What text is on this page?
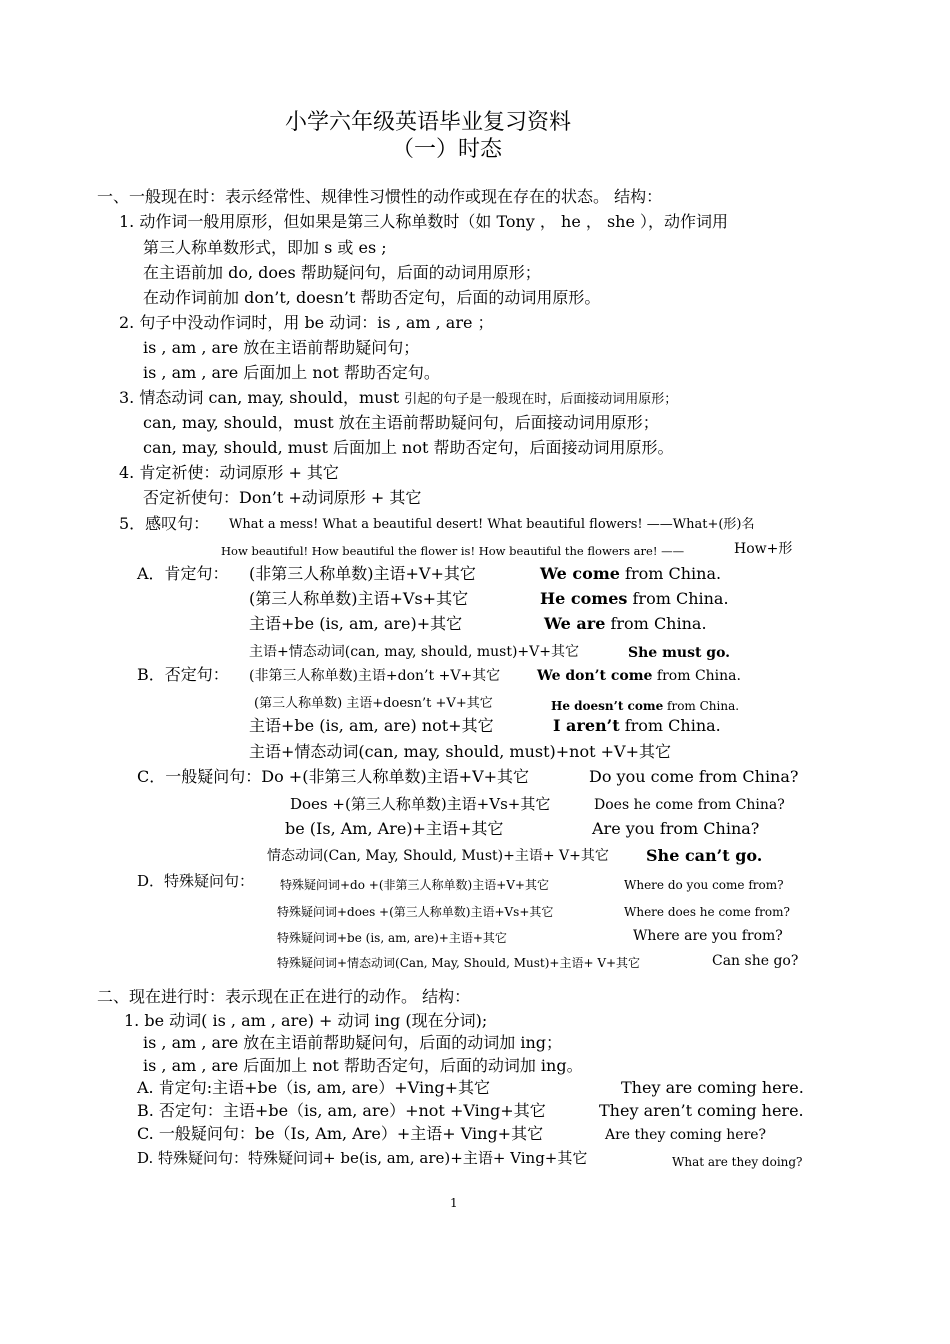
小学六年级英语毕业复习资料
（一）时态
一、一般现在时：表示经常性、规律性习惯性的动作或现在存在的状态。 结构：
1. 动作词一般用原形，但如果是第三人称单数时（如 Tony ， he ， she ），动作词用
第三人称单数形式，即加 s 或 es ;
在主语前加 do, does 帮助疑问句，后面的动词用原形；
在动作词前加 don’t, doesn’t 帮助否定句，后面的动词用原形。
2. 句子中没动作词时，用 be 动词：is , am , are ；
is , am , are 放在主语前帮助疑问句；
is , am , are 后面加上 not 帮助否定句。
3. 情态动词 can, may, should，must 引起的句子是一般现在时，后面接动词用原形；
can, may, should，must 放在主语前帮助疑问句，后面接动词用原形；
can, may, should, must 后面加上 not 帮助否定句，后面接动词用原形。
4. 肯定祈使：动词原形 + 其它
否定祈使句：Don’t +动词原形 + 其它
5．感叹句： What a mess! What a beautiful desert! What beautiful flowers! ——What+(形)名
How beautiful! How beautiful the flower is! How beautiful the flowers are! ——	How+形
A．肯定句： (非第三人称单数)主语+V+其它	We come from China.
(第三人称单数)主语+Vs+其它	He comes from China.
主语+be (is, am, are)+其它	We are from China.
主语+情态动词(can, may, should, must)+V+其它	She must go.
B．否定句： (非第三人称单数)主语+don’t +V+其它	We don’t come from China.
(第三人称单数) 主语+doesn’t +V+其它	He doesn’t come from China.
主语+be (is, am, are) not+其它	I aren’t from China.
主语+情态动词(can, may, should, must)+not +V+其它
C．一般疑问句：Do +(非第三人称单数)主语+V+其它	Do you come from China?
Does +(第三人称单数)主语+Vs+其它	Does he come from China?
be (Is, Am, Are)+主语+其它	Are you from China?
情态动词(Can, May, Should, Must)+主语+ V+其它 She can’t go.
D．特殊疑问句： 特殊疑问词+do +(非第三人称单数)主语+V+其它	Where do you come from?
特殊疑问词+does +(第三人称单数)主语+Vs+其它	Where does he come from?
特殊疑问词+be (is, am, are)+主语+其它	Where are you from?
特殊疑问词+情态动词(Can, May, Should, Must)+主语+ V+其它	Can she go?
二、现在进行时：表示现在正在进行的动作。 结构：
1. be 动词( is , am , are) + 动词 ing (现在分词);
is , am , are 放在主语前帮助疑问句，后面的动词加 ing；
is , am , are 后面加上 not 帮助否定句，后面的动词加 ing。
A. 肯定句:主语+be（is, am, are）+Ving+其它	They are coming here.
B. 否定句：主语+be（is, am, are）+not +Ving+其它	They aren’t coming here.
C. 一般疑问句：be（Is, Am, Are）+主语+ Ving+其它	Are they coming here?
D. 特殊疑问句：特殊疑问词+ be(is, am, are)+主语+ Ving+其它	What are they doing?
1
